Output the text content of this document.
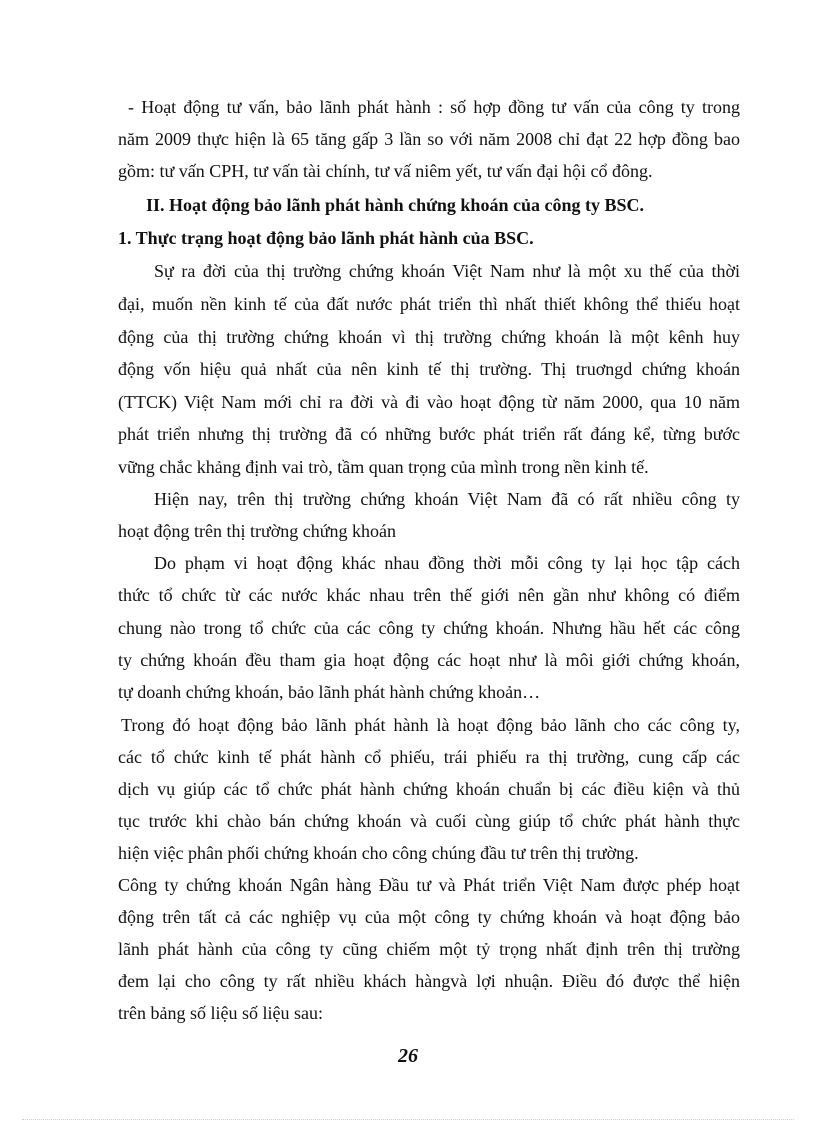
- Hoạt động tư vấn, bảo lãnh phát hành : số hợp đồng tư vấn của công ty trong
năm 2009 thực hiện là 65 tăng gấp 3 lần so với năm 2008 chỉ đạt 22 hợp đồng bao
gồm: tư vấn CPH, tư vấn tài chính, tư vấ niêm yết, tư vấn đại hội cổ đông.
II. Hoạt động bảo lãnh phát hành chứng khoán của công ty BSC.
1. Thực trạng hoạt động bảo lãnh phát hành của BSC.
Sự ra đời của thị trường chứng khoán Việt Nam như là một xu thế của thời
đại, muốn nền kinh tế của đất nước phát triển thì nhất thiết không thể thiếu hoạt
động của thị trường chứng khoán vì thị trường chứng khoán là một kênh huy
động vốn hiệu quả nhất của nên kinh tế thị trường. Thị truơngd chứng khoán
(TTCK) Việt Nam mới chỉ ra đời và đi vào hoạt động từ năm 2000, qua 10 năm
phát triển nhưng thị trường đã có những bước phát triển rất đáng kể, từng bước
vững chắc khảng định vai trò, tầm quan trọng của mình trong nền kinh tế.
Hiện nay, trên thị trường chứng khoán Việt Nam đã có rất nhiều công ty
hoạt động trên thị trường chứng khoán
Do phạm vi hoạt động khác nhau đồng thời mỗi công ty lại học tập cách
thức tổ chức từ các nước khác nhau trên thế giới nên gần như không có điểm
chung nào trong tổ chức của các công ty chứng khoán. Nhưng hầu hết các công
ty chứng khoán đều tham gia hoạt động các hoạt như là môi giới chứng khoán,
tự doanh chứng khoán, bảo lãnh phát hành chứng khoản…
Trong đó hoạt động bảo lãnh phát hành là hoạt động bảo lãnh cho các công ty,
các tổ chức kinh tế phát hành cổ phiếu, trái phiếu ra thị trường, cung cấp các
dịch vụ giúp các tổ chức phát hành chứng khoán chuẩn bị các điều kiện và thủ
tục trước khi chào bán chứng khoán và cuối cùng giúp tổ chức phát hành thực
hiện việc phân phối chứng khoán cho công chúng đầu tư trên thị trường.
Công ty chứng khoán Ngân hàng Đầu tư và Phát triển Việt Nam được phép hoạt
động trên tất cả các nghiệp vụ của một công ty chứng khoán và hoạt động bảo
lãnh phát hành của công ty cũng chiếm một tỷ trọng nhất định trên thị trường
đem lại cho công ty rất nhiều khách hàngvà lợi nhuận. Điều đó được thể hiện
trên bảng số liệu số liệu sau:
26
